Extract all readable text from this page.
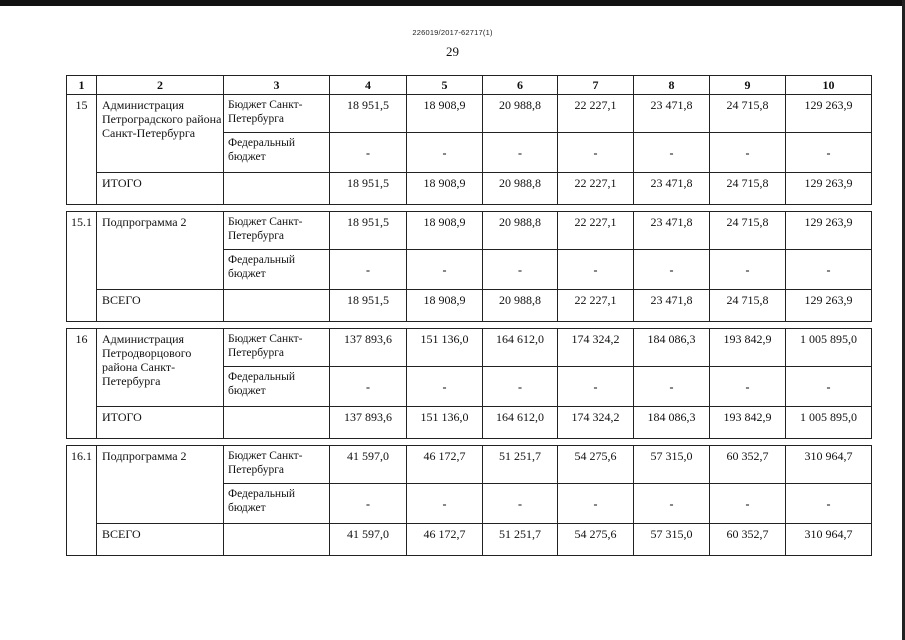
226019/2017-62717(1)
29
1	2	3	4	5	6	7	8	9	10
15	Администрация Петроградского района Санкт-Петербурга	Бюджет Санкт-Петербурга	18 951,5	18 908,9	20 988,8	22 227,1	23 471,8	24 715,8	129 263,9
		Федеральный бюджет	-	-	-	-	-	-	-
	ИТОГО		18 951,5	18 908,9	20 988,8	22 227,1	23 471,8	24 715,8	129 263,9

15.1	Подпрограмма 2	Бюджет Санкт-Петербурга	18 951,5	18 908,9	20 988,8	22 227,1	23 471,8	24 715,8	129 263,9
		Федеральный бюджет	-	-	-	-	-	-	-
	ВСЕГО		18 951,5	18 908,9	20 988,8	22 227,1	23 471,8	24 715,8	129 263,9

16	Администрация Петродворцового района Санкт-Петербурга	Бюджет Санкт-Петербурга	137 893,6	151 136,0	164 612,0	174 324,2	184 086,3	193 842,9	1 005 895,0
		Федеральный бюджет	-	-	-	-	-	-	-
	ИТОГО		137 893,6	151 136,0	164 612,0	174 324,2	184 086,3	193 842,9	1 005 895,0

16.1	Подпрограмма 2	Бюджет Санкт-Петербурга	41 597,0	46 172,7	51 251,7	54 275,6	57 315,0	60 352,7	310 964,7
		Федеральный бюджет	-	-	-	-	-	-	-
	ВСЕГО		41 597,0	46 172,7	51 251,7	54 275,6	57 315,0	60 352,7	310 964,7
